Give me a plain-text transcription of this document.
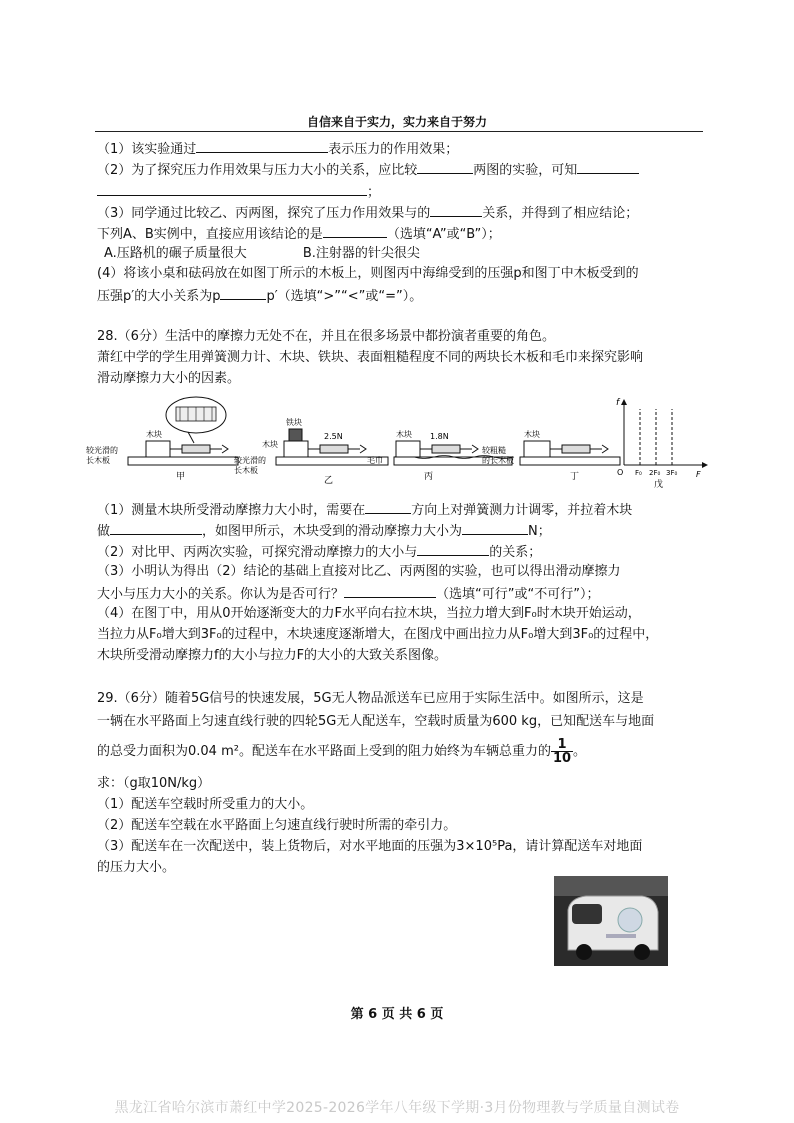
自信来自于实力，实力来自于努力
（1）该实验通过	表示压力的作用效果；
（2）为了探究压力作用效果与压力大小的关系，应比较	两图的实验，可知
；
（3）同学通过比较乙、丙两图，探究了压力作用效果与的	关系，并得到了相应结论；
下列A、B实例中，直接应用该结论的是	（选填“A”或“B”）；
A.压路机的碾子质量很大	B.注射器的针尖很尖
(4）将该小桌和砝码放在如图丁所示的木板上，则图丙中海绵受到的压强p和图丁中木板受到的
压强p′的大小关系为p	p′（选填“>”“<”或“=”）。
28.（6分）生活中的摩擦力无处不在，并且在很多场景中都扮演者重要的角色。
萧红中学的学生用弹簧测力计、木块、铁块、表面粗糙程度不同的两块长木板和毛巾来探究影响
滑动摩擦力大小的因素。
较光滑的
长木板
木块
甲
铁块
木块
较光滑的
长木板
2.5N
乙
毛巾
木块 1.8N
丙
较粗糙
的长木板
木块
丁
f
F
O F₀ 2F₀ 3F₀
戊
（1）测量木块所受滑动摩擦力大小时，需要在	方向上对弹簧测力计调零，并拉着木块
做	，如图甲所示，木块受到的滑动摩擦力大小为	N；
（2）对比甲、丙两次实验，可探究滑动摩擦力的大小与	的关系；
（3）小明认为得出（2）结论的基础上直接对比乙、丙两图的实验，也可以得出滑动摩擦力
大小与压力大小的关系。你认为是否可行？	（选填“可行”或“不可行”）；
（4）在图丁中，用从0开始逐渐变大的力F水平向右拉木块，当拉力增大到F₀时木块开始运动，
当拉力从F₀增大到3F₀的过程中，木块速度逐渐增大，在图戊中画出拉力从F₀增大到3F₀的过程中，
木块所受滑动摩擦力f的大小与拉力F的大小的大致关系图像。
29.（6分）随着5G信号的快速发展，5G无人物品派送车已应用于实际生活中。如图所示，这是
一辆在水平路面上匀速直线行驶的四轮5G无人配送车，空载时质量为600 kg，已知配送车与地面
的总受力面积为0.04 m²。配送车在水平路面上受到的阻力始终为车辆总重力的 $\frac{1}{10}$ 。
求：（g取10N/kg）
（1）配送车空载时所受重力的大小。
（2）配送车空载在水平路面上匀速直线行驶时所需的牵引力。
（3）配送车在一次配送中，装上货物后，对水平地面的压强为3×10⁵Pa，请计算配送车对地面
的压力大小。
第 6 页 共 6 页
黑龙江省哈尔滨市萧红中学2025-2026学年八年级下学期·3月份物理教与学质量自测试卷
